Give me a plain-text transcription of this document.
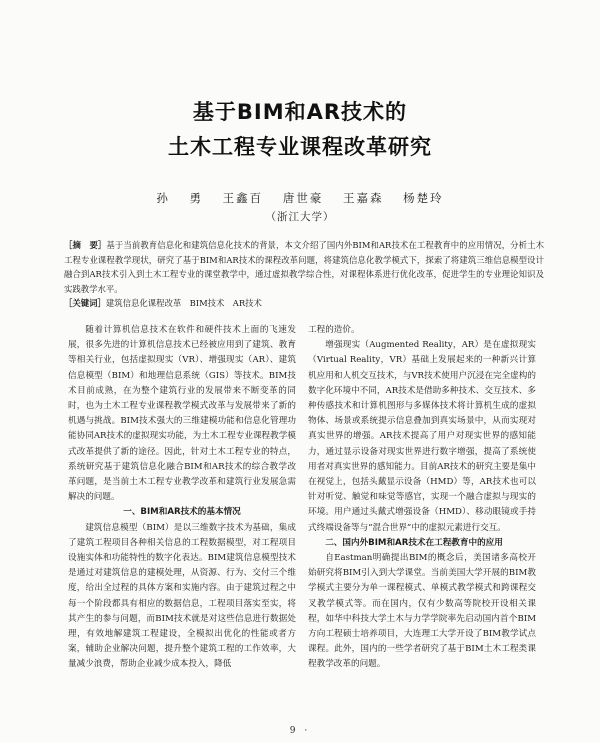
基于BIM和AR技术的
土木工程专业课程改革研究
孙 勇 王鑫百 唐世豪 王嘉森 杨楚玲
（浙江大学）
［摘　要］基于当前教育信息化和建筑信息化技术的背景，本文介绍了国内外BIM和AR技术在工程教育中的应用情况，分析土木工程专业课程教学现状，研究了基于BIM和AR技术的课程改革问题，将建筑信息化教学模式下，探索了将建筑三维信息模型设计融合到AR技术引入到土木工程专业的课堂教学中，通过虚拟教学综合性，对课程体系进行优化改革，促进学生的专业理论知识及实践教学水平。
［关键词］建筑信息化课程改革　BIM技术　AR技术

随着计算机信息技术在软件和硬件技术上面的飞速发展，很多先进的计算机信息技术已经被应用到了建筑、教育等相关行业，包括虚拟现实（VR）、增强现实（AR）、建筑信息模型（BIM）和地理信息系统（GIS）等技术。BIM技术目前成熟，在为整个建筑行业的发展带来不断变革的同时，也为土木工程专业课程教学模式改革与发展带来了新的机遇与挑战。BIM技术强大的三维建模功能和信息化管理功能协同AR技术的虚拟现实功能，为土木工程专业课程教学模式改革提供了新的途径。因此，针对土木工程专业的特点，系统研究基于建筑信息化融合BIM和AR技术的综合教学改革问题，是当前土木工程专业教学改革和建筑行业发展急需解决的问题。

一、BIM和AR技术的基本情况

建筑信息模型（BIM）是以三维数字技术为基础，集成了建筑工程项目各种相关信息的工程数据模型，对工程项目设施实体和功能特性的数字化表达。BIM建筑信息模型技术是通过对建筑信息的建模处理，从资源、行为、交付三个维度，给出全过程的具体方案和实施内容。由于建筑过程之中每一个阶段都具有相应的数据信息，工程项目落实至实，将其产生的参与问题，而BIM技术就是对这些信息进行数据处理，有效地解建筑工程建设，全模拟出优化的性能或者方案，辅助企业解决问题，提升整个建筑工程的工作效率，大量减少浪费，帮助企业减少成本投入，降低

工程的造价。

增强现实（Augmented Reality，AR）是在虚拟现实（Virtual Reality，VR）基础上发展起来的一种新兴计算机应用和人机交互技术，与VR技术使用户沉浸在完全虚构的数字化环境中不同，AR技术是借助多种技术、交互技术、多种传感技术和计算机图形与多媒体技术将计算机生成的虚拟物体、场景或系统提示信息叠加到真实场景中，从而实现对真实世界的增强。AR技术提高了用户对现实世界的感知能力，通过显示设备对现实世界进行数字增强，提高了系统使用者对真实世界的感知能力。目前AR技术的研究主要是集中在视觉上，包括头戴显示设备（HMD）等，AR技术也可以针对听觉、触觉和味觉等感官，实现一个融合虚拟与现实的环境。用户通过头戴式增强设备（HMD）、移动眼镜或手持式终端设备等与“混合世界”中的虚拟元素进行交互。

二、国内外BIM和AR技术在工程教育中的应用

自Eastman明确提出BIM的概念后，美国诸多高校开始研究将BIM引入到大学课堂。当前美国大学开展的BIM教学模式主要分为单一课程模式、单模式教学模式和跨课程交叉教学模式等。而在国内，仅有少数高等院校开设相关课程，如华中科技大学土木与力学学院率先启动国内首个BIM方向工程硕士培养项目，大连理工大学开设了BIM教学试点课程。此外，国内的一些学者研究了基于BIM土木工程类课程教学改革的问题。

9 ·
